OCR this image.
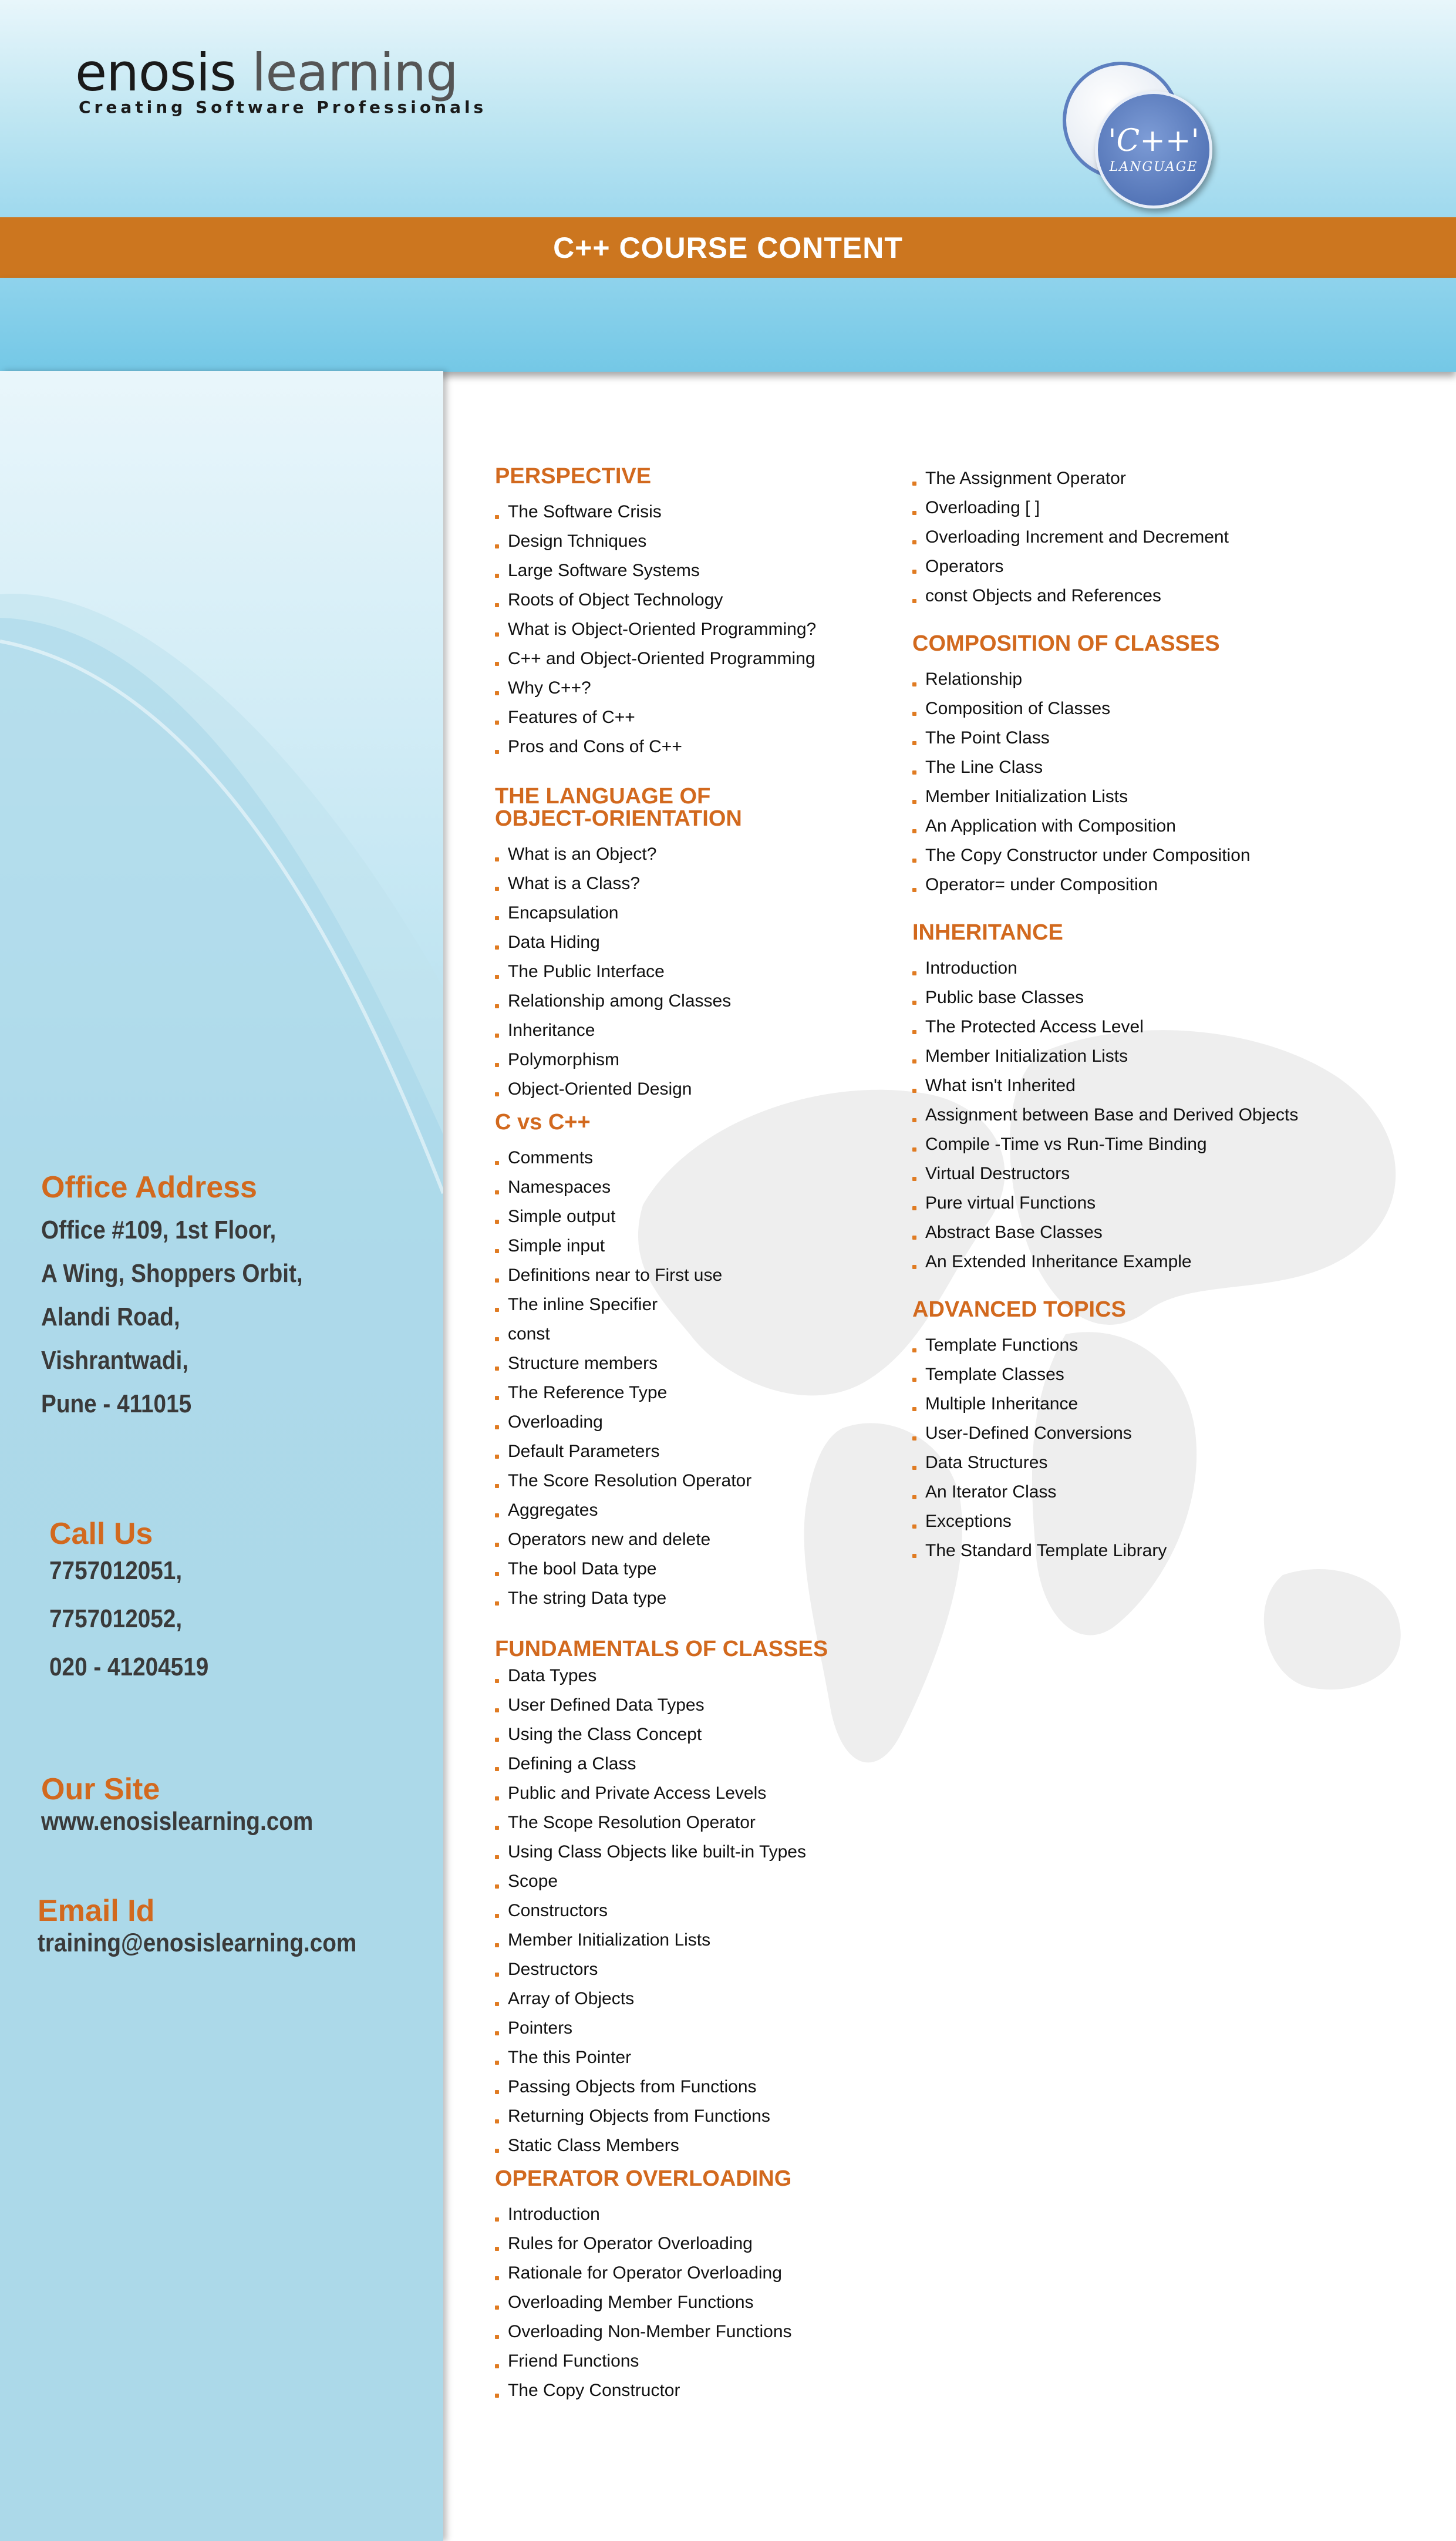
enosis learning
Creating Software Professionals
'C++'
LANGUAGE
C++ COURSE CONTENT

Office Address

Office #109, 1st Floor,
A Wing, Shoppers Orbit,
Alandi Road,
Vishrantwadi,
Pune - 411015

Call Us

7757012051,
7757012052,
020 - 41204519

Our Site

www.enosislearning.com

Email Id

training@enosislearning.com

PERSPECTIVE

The Software Crisis
Design Tchniques
Large Software Systems
Roots of Object Technology
What is Object-Oriented Programming?
C++ and Object-Oriented Programming
Why C++?
Features of C++
Pros and Cons of C++

THE LANGUAGE OF
OBJECT-ORIENTATION

What is an Object?
What is a Class?
Encapsulation
Data Hiding
The Public Interface
Relationship among Classes
Inheritance
Polymorphism
Object-Oriented Design

C vs C++

Comments
Namespaces
Simple output
Simple input
Definitions near to First use
The inline Specifier
const
Structure members
The Reference Type
Overloading
Default Parameters
The Score Resolution Operator
Aggregates
Operators new and delete
The bool Data type
The string Data type

FUNDAMENTALS OF CLASSES

Data Types
User Defined Data Types
Using the Class Concept
Defining a Class
Public and Private Access Levels
The Scope Resolution Operator
Using Class Objects like built-in Types
Scope
Constructors
Member Initialization Lists
Destructors
Array of Objects
Pointers
The this Pointer
Passing Objects from Functions
Returning Objects from Functions
Static Class Members

OPERATOR OVERLOADING

Introduction
Rules for Operator Overloading
Rationale for Operator Overloading
Overloading Member Functions
Overloading Non-Member Functions
Friend Functions
The Copy Constructor
The Assignment Operator
Overloading [ ]
Overloading Increment and Decrement
Operators
const Objects and References

COMPOSITION OF CLASSES

Relationship
Composition of Classes
The Point Class
The Line Class
Member Initialization Lists
An Application with Composition
The Copy Constructor under Composition
Operator= under Composition

INHERITANCE

Introduction
Public base Classes
The Protected Access Level
Member Initialization Lists
What isn't Inherited
Assignment between Base and Derived Objects
Compile -Time vs Run-Time Binding
Virtual Destructors
Pure virtual Functions
Abstract Base Classes
An Extended Inheritance Example

ADVANCED TOPICS

Template Functions
Template Classes
Multiple Inheritance
User-Defined Conversions
Data Structures
An Iterator Class
Exceptions
The Standard Template Library
